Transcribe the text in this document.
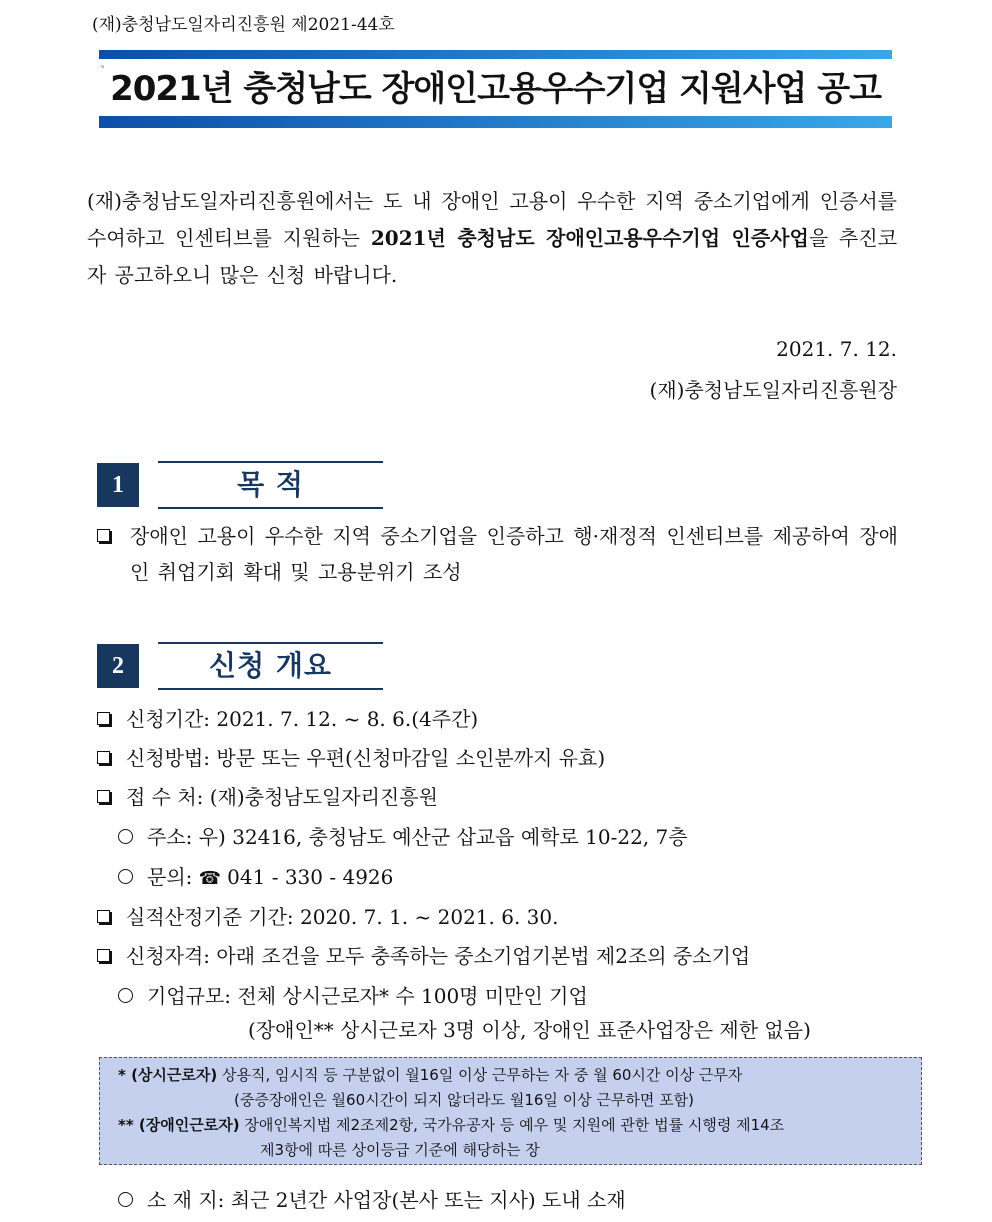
(재)충청남도일자리진흥원 제2021-44호
。
2021년 충청남도 장애인고용우수기업 지원사업 공고
(재)충청남도일자리진흥원에서는 도 내 장애인 고용이 우수한 지역 중소기업에게 인증서를 수여하고 인센티브를 지원하는 2021년 충청남도 장애인고용우수기업 인증사업을 추진코자 공고하오니 많은 신청 바랍니다.
2021. 7. 12.
(재)충청남도일자리진흥원장
1	목 적
장애인 고용이 우수한 지역 중소기업을 인증하고 행·재정적 인센티브를 제공하여 장애인 취업기회 확대 및 고용분위기 조성
2	신청 개요
신청기간: 2021. 7. 12. ~ 8. 6.(4주간)
신청방법: 방문 또는 우편(신청마감일 소인분까지 유효)
접 수 처: (재)충청남도일자리진흥원
주소: 우) 32416, 충청남도 예산군 삽교읍 예학로 10-22, 7층
문의: ☎ 041 - 330 - 4926
실적산정기준 기간: 2020. 7. 1. ~ 2021. 6. 30.
신청자격: 아래 조건을 모두 충족하는 중소기업기본법 제2조의 중소기업
기업규모: 전체 상시근로자* 수 100명 미만인 기업
(장애인** 상시근로자 3명 이상, 장애인 표준사업장은 제한 없음)
* (상시근로자) 상용직, 임시직 등 구분없이 월16일 이상 근무하는 자 중 월 60시간 이상 근무자
(중증장애인은 월60시간이 되지 않더라도 월16일 이상 근무하면 포함)
** (장애인근로자) 장애인복지법 제2조제2항, 국가유공자 등 예우 및 지원에 관한 법률 시행령 제14조
제3항에 따른 상이등급 기준에 해당하는 장
소 재 지: 최근 2년간 사업장(본사 또는 지사) 도내 소재
